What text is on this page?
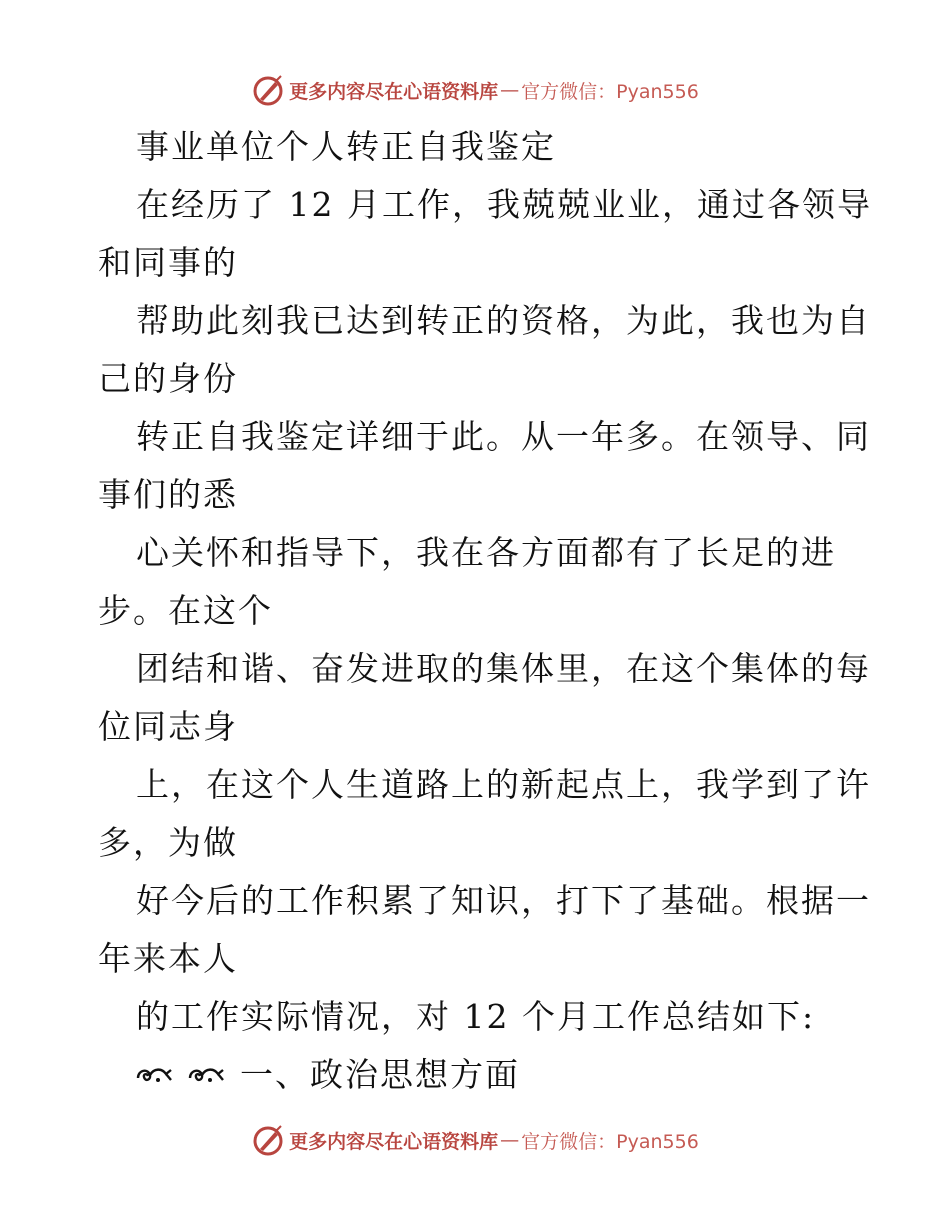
更多内容尽在心语资料库 — 官方微信：Pyan556
事业单位个人转正自我鉴定
在经历了 12 月工作，我兢兢业业，通过各领导
和同事的
帮助此刻我已达到转正的资格，为此，我也为自
己的身份
转正自我鉴定详细于此。从一年多。在领导、同
事们的悉
心关怀和指导下，我在各方面都有了长足的进
步。在这个
团结和谐、奋发进取的集体里，在这个集体的每
位同志身
上，在这个人生道路上的新起点上，我学到了许
多，为做
好今后的工作积累了知识，打下了基础。根据一
年来本人
的工作实际情况，对 12 个月工作总结如下:
一、政治思想方面
更多内容尽在心语资料库 — 官方微信：Pyan556
